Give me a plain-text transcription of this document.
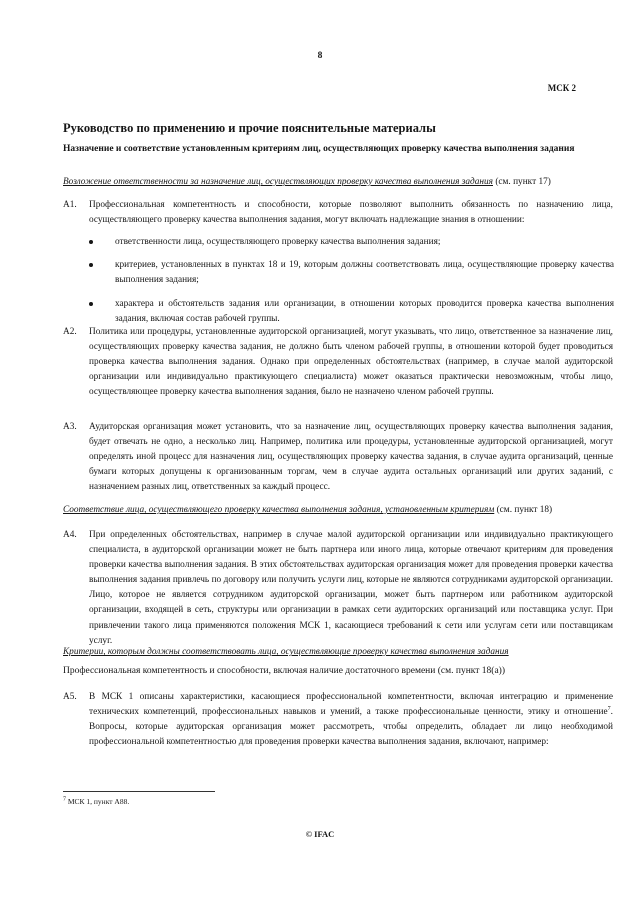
8
МСК 2
Руководство по применению и прочие пояснительные материалы
Назначение и соответствие установленным критериям лиц, осуществляющих проверку качества выполнения задания
Возложение ответственности за назначение лиц, осуществляющих проверку качества выполнения задания (см. пункт 17)
A1.	Профессиональная компетентность и способности, которые позволяют выполнить обязанность по назначению лица, осуществляющего проверку качества выполнения задания, могут включать надлежащие знания в отношении:
ответственности лица, осуществляющего проверку качества выполнения задания;
критериев, установленных в пунктах 18 и 19, которым должны соответствовать лица, осуществляющие проверку качества выполнения задания;
характера и обстоятельств задания или организации, в отношении которых проводится проверка качества выполнения задания, включая состав рабочей группы.
A2.	Политика или процедуры, установленные аудиторской организацией, могут указывать, что лицо, ответственное за назначение лиц, осуществляющих проверку качества задания, не должно быть членом рабочей группы, в отношении которой будет проводиться проверка качества выполнения задания. Однако при определенных обстоятельствах (например, в случае малой аудиторской организации или индивидуально практикующего специалиста) может оказаться практически невозможным, чтобы лицо, осуществляющее проверку качества выполнения задания, было не назначено членом рабочей группы.
A3.	Аудиторская организация может установить, что за назначение лиц, осуществляющих проверку качества выполнения задания, будет отвечать не одно, а несколько лиц. Например, политика или процедуры, установленные аудиторской организацией, могут определять иной процесс для назначения лиц, осуществляющих проверку качества задания, в случае аудита организаций, ценные бумаги которых допущены к организованным торгам, чем в случае аудита остальных организаций или других заданий, с назначением разных лиц, ответственных за каждый процесс.
Соответствие лица, осуществляющего проверку качества выполнения задания, установленным критериям (см. пункт 18)
A4.	При определенных обстоятельствах, например в случае малой аудиторской организации или индивидуально практикующего специалиста, в аудиторской организации может не быть партнера или иного лица, которые отвечают критериям для проведения проверки качества выполнения задания. В этих обстоятельствах аудиторская организация может для проведения проверки качества выполнения задания привлечь по договору или получить услуги лиц, которые не являются сотрудниками аудиторской организации. Лицо, которое не является сотрудником аудиторской организации, может быть партнером или работником аудиторской организации, входящей в сеть, структуры или организации в рамках сети аудиторских организаций или поставщика услуг. При привлечении такого лица применяются положения МСК 1, касающиеся требований к сети или услугам сети или поставщикам услуг.
Критерии, которым должны соответствовать лица, осуществляющие проверку качества выполнения задания
Профессиональная компетентность и способности, включая наличие достаточного времени (см. пункт 18(а))
A5.	В МСК 1 описаны характеристики, касающиеся профессиональной компетентности, включая интеграцию и применение технических компетенций, профессиональных навыков и умений, а также профессиональные ценности, этику и отношение$^7$. Вопросы, которые аудиторская организация может рассмотреть, чтобы определить, обладает ли лицо необходимой профессиональной компетентностью для проведения проверки качества выполнения задания, включают, например:
$^7$ МСК 1, пункт А88.
© IFAC
